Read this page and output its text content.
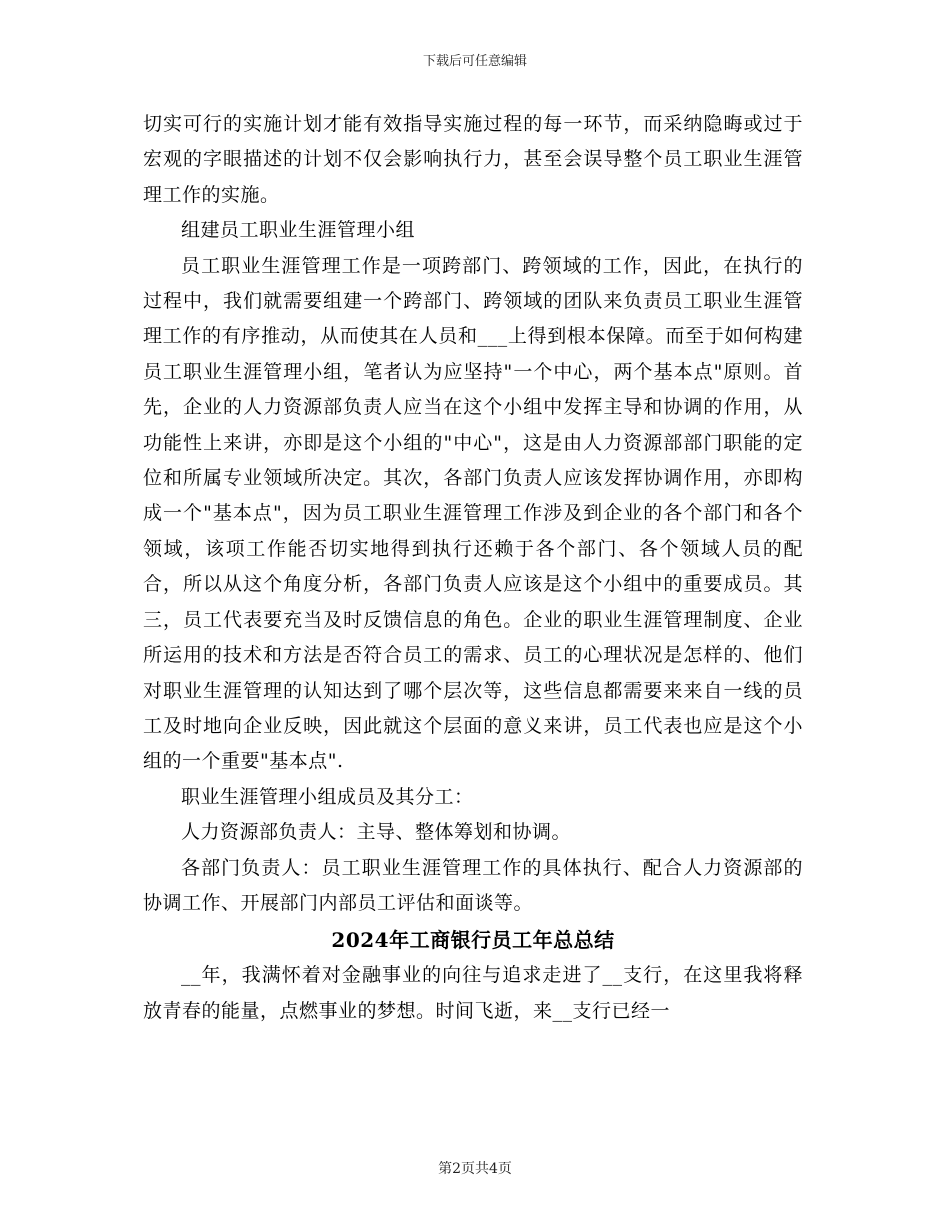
下载后可任意编辑

切实可行的实施计划才能有效指导实施过程的每一环节，而采纳隐晦或过于宏观的字眼描述的计划不仅会影响执行力，甚至会误导整个员工职业生涯管理工作的实施。

组建员工职业生涯管理小组

员工职业生涯管理工作是一项跨部门、跨领域的工作，因此，在执行的过程中，我们就需要组建一个跨部门、跨领域的团队来负责员工职业生涯管理工作的有序推动，从而使其在人员和___上得到根本保障。而至于如何构建员工职业生涯管理小组，笔者认为应坚持"一个中心，两个基本点"原则。首先，企业的人力资源部负责人应当在这个小组中发挥主导和协调的作用，从功能性上来讲，亦即是这个小组的"中心"，这是由人力资源部部门职能的定位和所属专业领域所决定。其次，各部门负责人应该发挥协调作用，亦即构成一个"基本点"，因为员工职业生涯管理工作涉及到企业的各个部门和各个领域，该项工作能否切实地得到执行还赖于各个部门、各个领域人员的配合，所以从这个角度分析，各部门负责人应该是这个小组中的重要成员。其三，员工代表要充当及时反馈信息的角色。企业的职业生涯管理制度、企业所运用的技术和方法是否符合员工的需求、员工的心理状况是怎样的、他们对职业生涯管理的认知达到了哪个层次等，这些信息都需要来来自一线的员工及时地向企业反映，因此就这个层面的意义来讲，员工代表也应是这个小组的一个重要"基本点".

职业生涯管理小组成员及其分工：

人力资源部负责人：主导、整体筹划和协调。

各部门负责人：员工职业生涯管理工作的具体执行、配合人力资源部的协调工作、开展部门内部员工评估和面谈等。

2024年工商银行员工年总总结

__年，我满怀着对金融事业的向往与追求走进了__支行，在这里我将释放青春的能量，点燃事业的梦想。时间飞逝，来__支行已经一

第2页共4页
